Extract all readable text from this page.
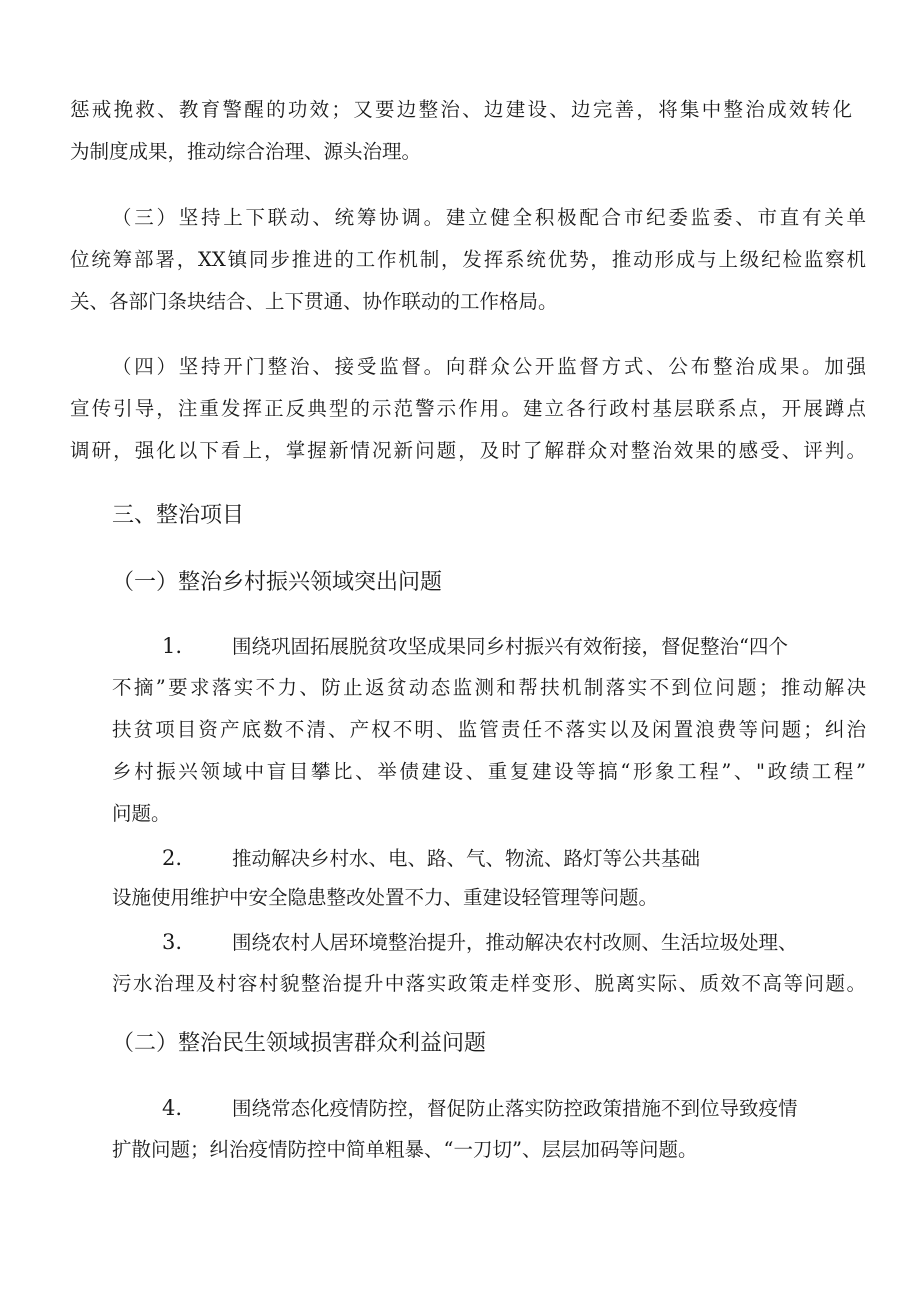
惩戒挽救、教育警醒的功效；又要边整治、边建设、边完善，将集中整治成效转化
为制度成果，推动综合治理、源头治理。
（三）坚持上下联动、统筹协调。建立健全积极配合市纪委监委、市直有关单
位统筹部署，XX镇同步推进的工作机制，发挥系统优势，推动形成与上级纪检监察机
关、各部门条块结合、上下贯通、协作联动的工作格局。
（四）坚持开门整治、接受监督。向群众公开监督方式、公布整治成果。加强
宣传引导，注重发挥正反典型的示范警示作用。建立各行政村基层联系点，开展蹲点
调研，强化以下看上，掌握新情况新问题，及时了解群众对整治效果的感受、评判。
三、整治项目
（一）整治乡村振兴领域突出问题
1.	围绕巩固拓展脱贫攻坚成果同乡村振兴有效衔接，督促整治“四个
不摘”要求落实不力、防止返贫动态监测和帮扶机制落实不到位问题；推动解决
扶贫项目资产底数不清、产权不明、监管责任不落实以及闲置浪费等问题；纠治
乡村振兴领域中盲目攀比、举债建设、重复建设等搞“形象工程”、"政绩工程”
问题。
2.	推动解决乡村水、电、路、气、物流、路灯等公共基础
设施使用维护中安全隐患整改处置不力、重建设轻管理等问题。
3.	围绕农村人居环境整治提升，推动解决农村改厕、生活垃圾处理、
污水治理及村容村貌整治提升中落实政策走样变形、脱离实际、质效不高等问题。
（二）整治民生领域损害群众利益问题
4.	围绕常态化疫情防控，督促防止落实防控政策措施不到位导致疫情
扩散问题；纠治疫情防控中简单粗暴、“一刀切”、层层加码等问题。
